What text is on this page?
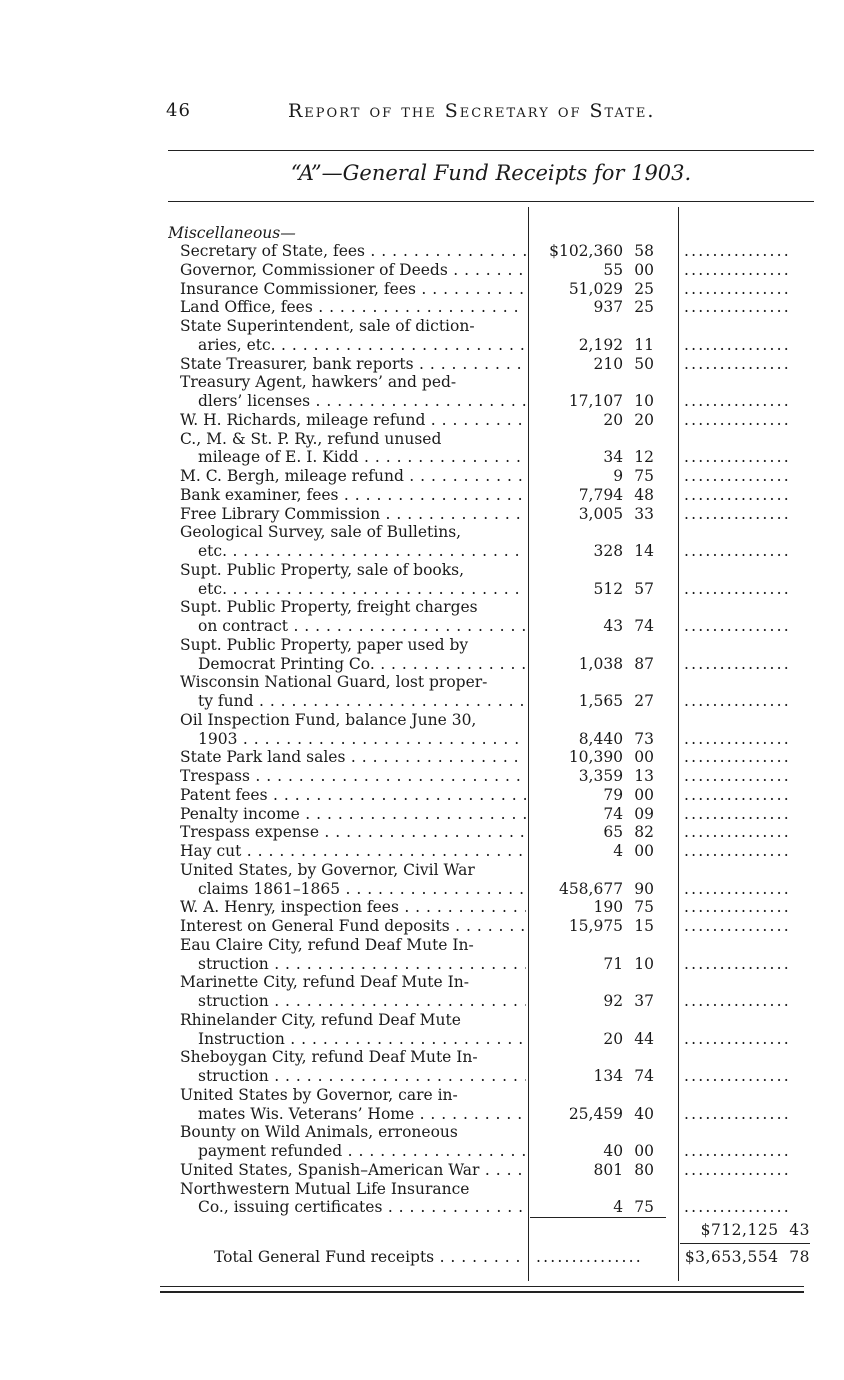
46	Report of the Secretary of State.
“A”—General Fund Receipts for 1903.
Miscellaneous—
Secretary of State, fees . . .	$102,360 58 ...............
Governor, Commissioner of Deeds . . .	55 00 ...............
Insurance Commissioner, fees . . .	51,029 25 ...............
Land Office, fees . . .	937 25 ...............
State Superintendent, sale of diction-
aries, etc. . . .	2,192 11 ...............
State Treasurer, bank reports . . .	210 50 ...............
Treasury Agent, hawkers’ and ped-
dlers’ licenses . . .	17,107 10 ...............
W. H. Richards, mileage refund . . .	20 20 ...............
C., M. & St. P. Ry., refund unused
mileage of E. I. Kidd . . .	34 12 ...............
M. C. Bergh, mileage refund . . .	9 75 ...............
Bank examiner, fees . . .	7,794 48 ...............
Free Library Commission . . .	3,005 33 ...............
Geological Survey, sale of Bulletins,
etc. . . .	328 14 ...............
Supt. Public Property, sale of books,
etc. . . .	512 57 ...............
Supt. Public Property, freight charges
on contract . . .	43 74 ...............
Supt. Public Property, paper used by
Democrat Printing Co. . . .	1,038 87 ...............
Wisconsin National Guard, lost proper-
ty fund . . .	1,565 27 ...............
Oil Inspection Fund, balance June 30,
1903 . . .	8,440 73 ...............
State Park land sales . . .	10,390 00 ...............
Trespass . . .	3,359 13 ...............
Patent fees . . .	79 00 ...............
Penalty income . . .	74 09 ...............
Trespass expense . . .	65 82 ...............
Hay cut . . .	4 00 ...............
United States, by Governor, Civil War
claims 1861–1865 . . .	458,677 90 ...............
W. A. Henry, inspection fees . . .	190 75 ...............
Interest on General Fund deposits . . .	15,975 15 ...............
Eau Claire City, refund Deaf Mute In-
struction . . .	71 10 ...............
Marinette City, refund Deaf Mute In-
struction . . .	92 37 ...............
Rhinelander City, refund Deaf Mute
Instruction . . .	20 44 ...............
Sheboygan City, refund Deaf Mute In-
struction . . .	134 74 ...............
United States by Governor, care in-
mates Wis. Veterans’ Home . . .	25,459 40 ...............
Bounty on Wild Animals, erroneous
payment refunded . . .	40 00 ...............
United States, Spanish–American War . . .	801 80 ...............
Northwestern Mutual Life Insurance
Co., issuing certificates . . .	4 75 ...............
$712,125 43
Total General Fund receipts . . .	...............	$3,653,554 78
